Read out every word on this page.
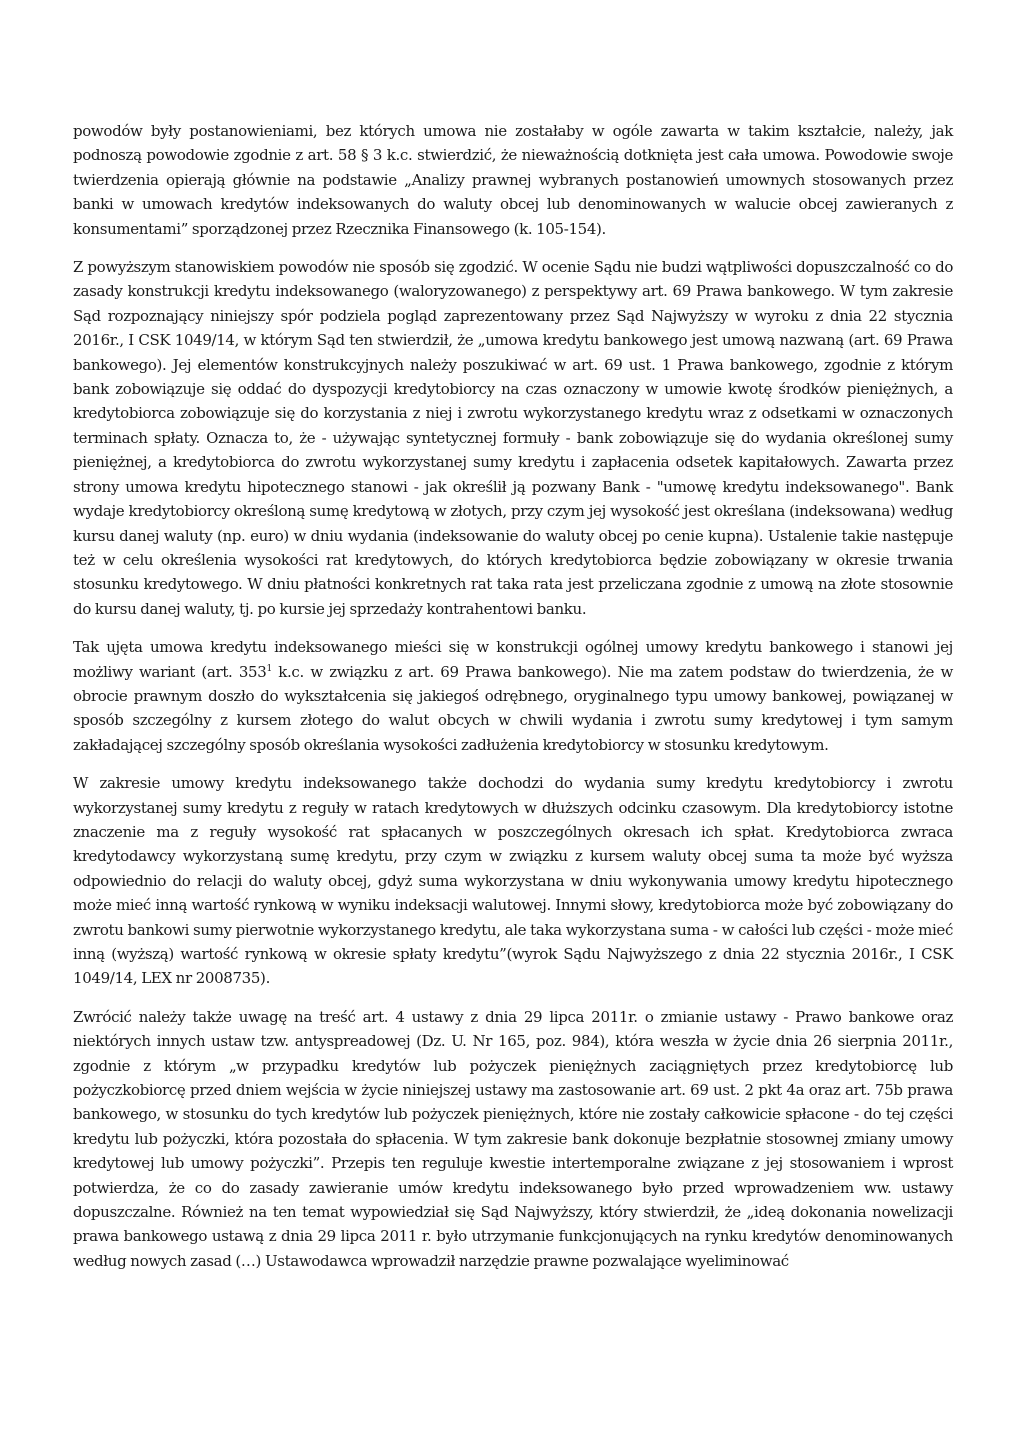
powodów były postanowieniami, bez których umowa nie zostałaby w ogóle zawarta w takim kształcie, należy, jak podnoszą powodowie zgodnie z art. 58 § 3 k.c. stwierdzić, że nieważnością dotknięta jest cała umowa. Powodowie swoje twierdzenia opierają głównie na podstawie „Analizy prawnej wybranych postanowień umownych stosowanych przez banki w umowach kredytów indeksowanych do waluty obcej lub denominowanych w walucie obcej zawieranych z konsumentami” sporządzonej przez Rzecznika Finansowego (k. 105-154).

Z powyższym stanowiskiem powodów nie sposób się zgodzić. W ocenie Sądu nie budzi wątpliwości dopuszczalność co do zasady konstrukcji kredytu indeksowanego (waloryzowanego) z perspektywy art. 69 Prawa bankowego. W tym zakresie Sąd rozpoznający niniejszy spór podziela pogląd zaprezentowany przez Sąd Najwyższy w wyroku z dnia 22 stycznia 2016r., I CSK 1049/14, w którym Sąd ten stwierdził, że „umowa kredytu bankowego jest umową nazwaną (art. 69 Prawa bankowego). Jej elementów konstrukcyjnych należy poszukiwać w art. 69 ust. 1 Prawa bankowego, zgodnie z którym bank zobowiązuje się oddać do dyspozycji kredytobiorcy na czas oznaczony w umowie kwotę środków pieniężnych, a kredytobiorca zobowiązuje się do korzystania z niej i zwrotu wykorzystanego kredytu wraz z odsetkami w oznaczonych terminach spłaty. Oznacza to, że - używając syntetycznej formuły - bank zobowiązuje się do wydania określonej sumy pieniężnej, a kredytobiorca do zwrotu wykorzystanej sumy kredytu i zapłacenia odsetek kapitałowych. Zawarta przez strony umowa kredytu hipotecznego stanowi - jak określił ją pozwany Bank - "umowę kredytu indeksowanego". Bank wydaje kredytobiorcy określoną sumę kredytową w złotych, przy czym jej wysokość jest określana (indeksowana) według kursu danej waluty (np. euro) w dniu wydania (indeksowanie do waluty obcej po cenie kupna). Ustalenie takie następuje też w celu określenia wysokości rat kredytowych, do których kredytobiorca będzie zobowiązany w okresie trwania stosunku kredytowego. W dniu płatności konkretnych rat taka rata jest przeliczana zgodnie z umową na złote stosownie do kursu danej waluty, tj. po kursie jej sprzedaży kontrahentowi banku.

Tak ujęta umowa kredytu indeksowanego mieści się w konstrukcji ogólnej umowy kredytu bankowego i stanowi jej możliwy wariant (art. $353^1$ k.c. w związku z art. 69 Prawa bankowego). Nie ma zatem podstaw do twierdzenia, że w obrocie prawnym doszło do wykształcenia się jakiegoś odrębnego, oryginalnego typu umowy bankowej, powiązanej w sposób szczególny z kursem złotego do walut obcych w chwili wydania i zwrotu sumy kredytowej i tym samym zakładającej szczególny sposób określania wysokości zadłużenia kredytobiorcy w stosunku kredytowym.

W zakresie umowy kredytu indeksowanego także dochodzi do wydania sumy kredytu kredytobiorcy i zwrotu wykorzystanej sumy kredytu z reguły w ratach kredytowych w dłuższych odcinku czasowym. Dla kredytobiorcy istotne znaczenie ma z reguły wysokość rat spłacanych w poszczególnych okresach ich spłat. Kredytobiorca zwraca kredytodawcy wykorzystaną sumę kredytu, przy czym w związku z kursem waluty obcej suma ta może być wyższa odpowiednio do relacji do waluty obcej, gdyż suma wykorzystana w dniu wykonywania umowy kredytu hipotecznego może mieć inną wartość rynkową w wyniku indeksacji walutowej. Innymi słowy, kredytobiorca może być zobowiązany do zwrotu bankowi sumy pierwotnie wykorzystanego kredytu, ale taka wykorzystana suma - w całości lub części - może mieć inną (wyższą) wartość rynkową w okresie spłaty kredytu”(wyrok Sądu Najwyższego z dnia 22 stycznia 2016r., I CSK 1049/14, LEX nr 2008735).

Zwrócić należy także uwagę na treść art. 4 ustawy z dnia 29 lipca 2011r. o zmianie ustawy - Prawo bankowe oraz niektórych innych ustaw tzw. antyspreadowej (Dz. U. Nr 165, poz. 984), która weszła w życie dnia 26 sierpnia 2011r., zgodnie z którym „w przypadku kredytów lub pożyczek pieniężnych zaciągniętych przez kredytobiorcę lub pożyczkobiorcę przed dniem wejścia w życie niniejszej ustawy ma zastosowanie art. 69 ust. 2 pkt 4a oraz art. 75b prawa bankowego, w stosunku do tych kredytów lub pożyczek pieniężnych, które nie zostały całkowicie spłacone - do tej części kredytu lub pożyczki, która pozostała do spłacenia. W tym zakresie bank dokonuje bezpłatnie stosownej zmiany umowy kredytowej lub umowy pożyczki”. Przepis ten reguluje kwestie intertemporalne związane z jej stosowaniem i wprost potwierdza, że co do zasady zawieranie umów kredytu indeksowanego było przed wprowadzeniem ww. ustawy dopuszczalne. Również na ten temat wypowiedział się Sąd Najwyższy, który stwierdził, że „ideą dokonania nowelizacji prawa bankowego ustawą z dnia 29 lipca 2011 r. było utrzymanie funkcjonujących na rynku kredytów denominowanych według nowych zasad (…) Ustawodawca wprowadził narzędzie prawne pozwalające wyeliminować
